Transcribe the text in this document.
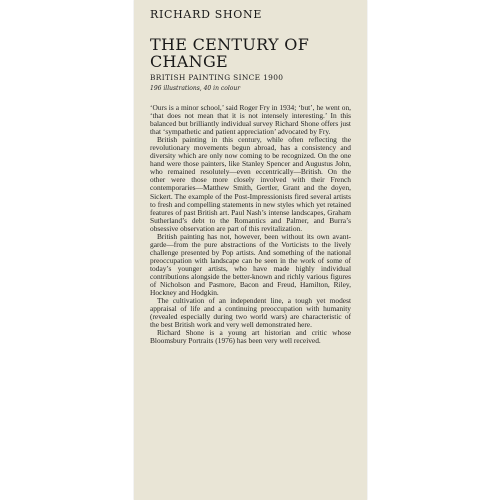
RICHARD SHONE
THE CENTURY OF
CHANGE
BRITISH PAINTING SINCE 1900
196 illustrations, 40 in colour

‘Ours is a minor school,’ said Roger Fry in 1934; ‘but’, he went on, ‘that does not mean that it is not intensely interesting.’ In this balanced but brilliantly individual survey Richard Shone offers just that ‘sympathetic and patient appreciation’ advocated by Fry.

British painting in this century, while often reflecting the revolutionary movements begun abroad, has a consistency and diversity which are only now coming to be recognized. On the one hand were those painters, like Stanley Spencer and Augustus John, who remained resolutely—even eccentrically—British. On the other were those more closely involved with their French contemporaries—Matthew Smith, Gertler, Grant and the doyen, Sickert. The example of the Post-Impressionists fired several artists to fresh and compelling statements in new styles which yet retained features of past British art. Paul Nash’s intense landscapes, Graham Sutherland’s debt to the Romantics and Palmer, and Burra’s obsessive observation are part of this revitalization.

British painting has not, however, been without its own avant-garde—from the pure abstractions of the Vorticists to the lively challenge presented by Pop artists. And something of the national preoccupation with landscape can be seen in the work of some of today’s younger artists, who have made highly individual contributions alongside the better-known and richly various figures of Nicholson and Pasmore, Bacon and Freud, Hamilton, Riley, Hockney and Hodgkin.

The cultivation of an independent line, a tough yet modest appraisal of life and a continuing preoccupation with humanity (revealed especially during two world wars) are characteristic of the best British work and very well demonstrated here.

Richard Shone is a young art historian and critic whose Bloomsbury Portraits (1976) has been very well received.
